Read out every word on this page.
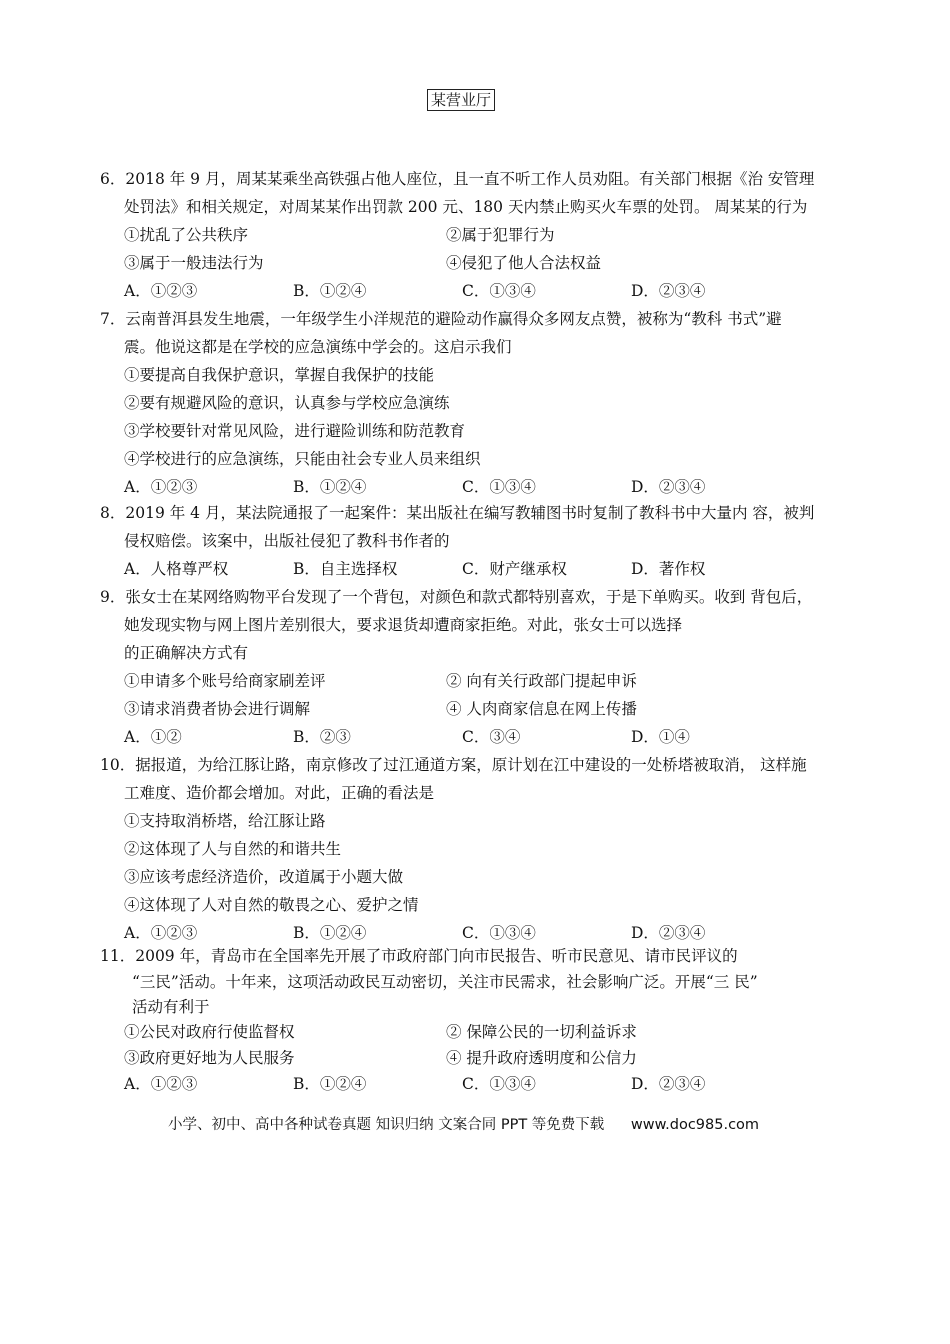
某营业厅
6．2018 年 9 月，周某某乘坐高铁强占他人座位，且一直不听工作人员劝阻。有关部门根据《治 安管理
处罚法》和相关规定，对周某某作出罚款 200 元、180 天内禁止购买火车票的处罚。 周某某的行为
①扰乱了公共秩序	②属于犯罪行为
③属于一般违法行为	④侵犯了他人合法权益
A．①②③	B．①②④	C．①③④	D．②③④
7．云南普洱县发生地震，一年级学生小洋规范的避险动作赢得众多网友点赞，被称为“教科 书式”避
震。他说这都是在学校的应急演练中学会的。这启示我们
①要提高自我保护意识，掌握自我保护的技能
②要有规避风险的意识，认真参与学校应急演练
③学校要针对常见风险，进行避险训练和防范教育
④学校进行的应急演练，只能由社会专业人员来组织
A．①②③	B．①②④	C．①③④	D．②③④
8．2019 年 4 月，某法院通报了一起案件：某出版社在编写教辅图书时复制了教科书中大量内 容，被判
侵权赔偿。该案中，出版社侵犯了教科书作者的
A．人格尊严权	B．自主选择权	C．财产继承权	D．著作权
9．张女士在某网络购物平台发现了一个背包，对颜色和款式都特别喜欢，于是下单购买。收到 背包后，
她发现实物与网上图片差别很大，要求退货却遭商家拒绝。对此，张女士可以选择
的正确解决方式有
①申请多个账号给商家刷差评	② 向有关行政部门提起申诉
③请求消费者协会进行调解	④ 人肉商家信息在网上传播
A．①②	B．②③	C．③④	D．①④
10．据报道，为给江豚让路，南京修改了过江通道方案，原计划在江中建设的一处桥塔被取消， 这样施
工难度、造价都会增加。对此，正确的看法是
①支持取消桥塔，给江豚让路
②这体现了人与自然的和谐共生
③应该考虑经济造价，改道属于小题大做
④这体现了人对自然的敬畏之心、爱护之情
A．①②③	B．①②④	C．①③④	D．②③④
11．2009 年，青岛市在全国率先开展了市政府部门向市民报告、听市民意见、请市民评议的
“三民”活动。十年来，这项活动政民互动密切，关注市民需求，社会影响广泛。开展“三 民”
活动有利于
①公民对政府行使监督权	② 保障公民的一切利益诉求
③政府更好地为人民服务	④ 提升政府透明度和公信力
A．①②③	B．①②④	C．①③④	D．②③④
小学、初中、高中各种试卷真题 知识归纳 文案合同 PPT 等免费下载 www.doc985.com
